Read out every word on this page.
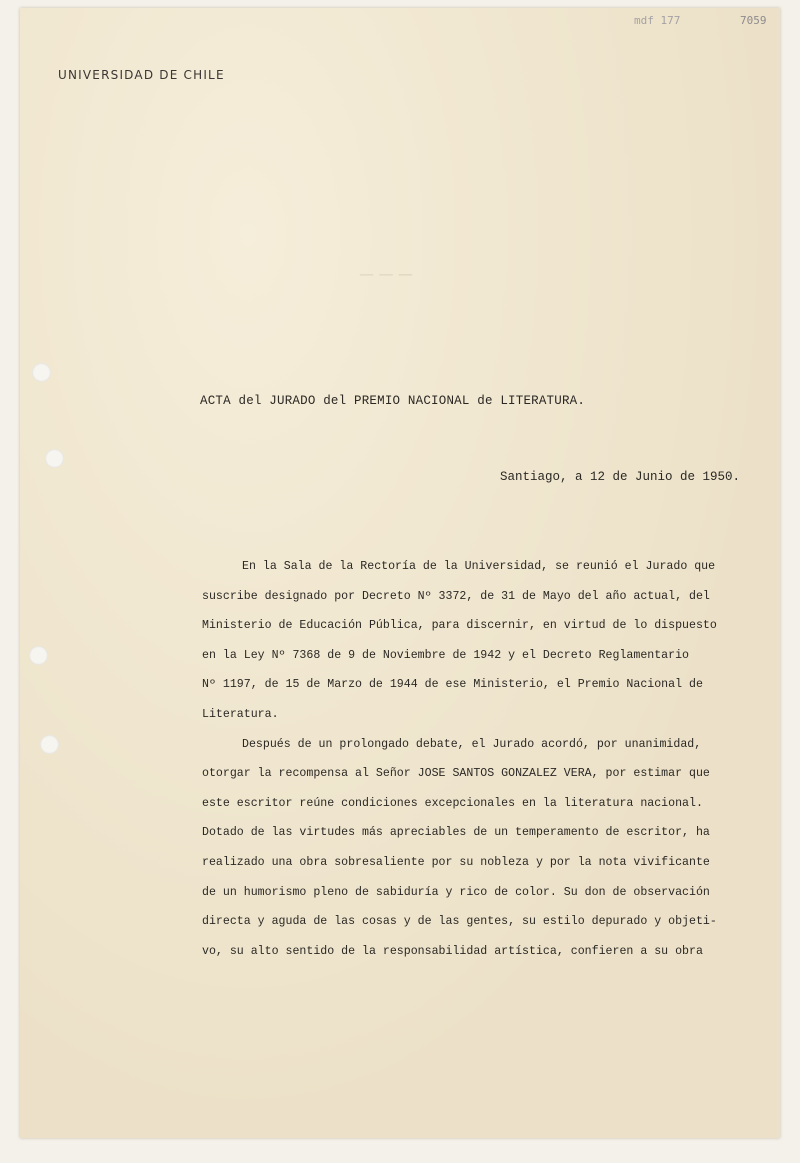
– – –
UNIVERSIDAD DE CHILE
mdf 177	7059
ACTA del JURADO del PREMIO NACIONAL de LITERATURA.
Santiago, a 12 de Junio de 1950.
En la Sala de la Rectoría de la Universidad, se reunió el Jurado que
suscribe designado por Decreto Nº 3372, de 31 de Mayo del año actual, del
Ministerio de Educación Pública, para discernir, en virtud de lo dispuesto
en la Ley Nº 7368 de 9 de Noviembre de 1942 y el Decreto Reglamentario
Nº 1197, de 15 de Marzo de 1944 de ese Ministerio, el Premio Nacional de
Literatura.
Después de un prolongado debate, el Jurado acordó, por unanimidad,
otorgar la recompensa al Señor JOSE SANTOS GONZALEZ VERA, por estimar que
este escritor reúne condiciones excepcionales en la literatura nacional.
Dotado de las virtudes más apreciables de un temperamento de escritor, ha
realizado una obra sobresaliente por su nobleza y por la nota vivificante
de un humorismo pleno de sabiduría y rico de color. Su don de observación
directa y aguda de las cosas y de las gentes, su estilo depurado y objeti-
vo, su alto sentido de la responsabilidad artística, confieren a su obra
